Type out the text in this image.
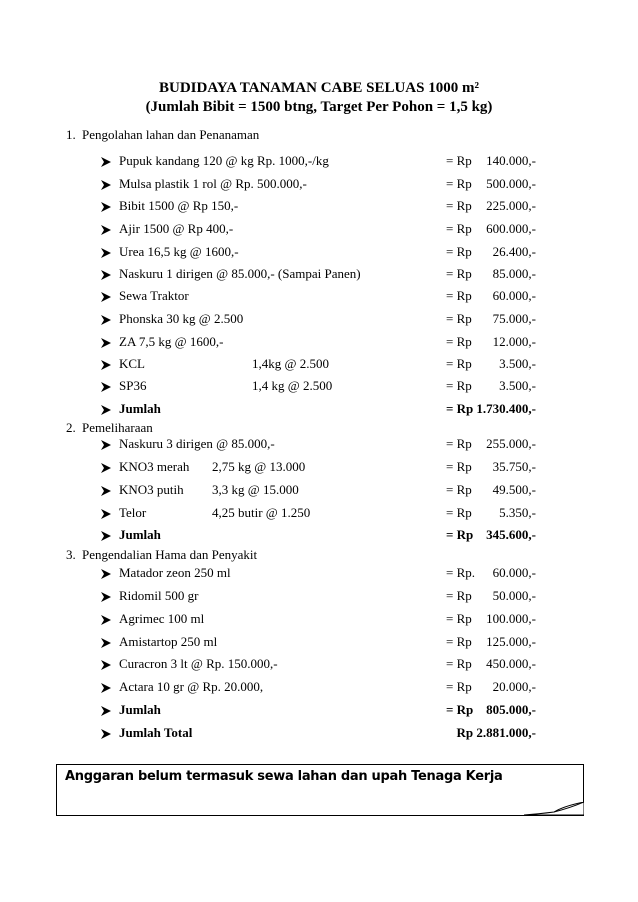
BUDIDAYA TANAMAN CABE SELUAS 1000 m²
(Jumlah Bibit = 1500 btng, Target Per Pohon = 1,5 kg)
1. Pengolahan lahan dan Penanaman
Pupuk kandang 120 @ kg Rp. 1000,-/kg	= Rp 140.000,-
Mulsa plastik 1 rol @ Rp. 500.000,-	= Rp 500.000,-
Bibit 1500 @ Rp 150,-	= Rp 225.000,-
Ajir 1500 @ Rp 400,-	= Rp 600.000,-
Urea 16,5 kg @ 1600,-	= Rp 26.400,-
Naskuru 1 dirigen @ 85.000,- (Sampai Panen)	= Rp 85.000,-
Sewa Traktor	= Rp 60.000,-
Phonska 30 kg @ 2.500	= Rp 75.000,-
ZA 7,5 kg @ 1600,-	= Rp 12.000,-
KCL	1,4kg @ 2.500	= Rp 3.500,-
SP36	1,4 kg @ 2.500	= Rp 3.500,-
Jumlah	= Rp 1.730.400,-
2. Pemeliharaan
Naskuru 3 dirigen @ 85.000,-	= Rp 255.000,-
KNO3 merah 2,75 kg @ 13.000	= Rp 35.750,-
KNO3 putih 3,3 kg @ 15.000	= Rp 49.500,-
Telor	4,25 butir @ 1.250	= Rp 5.350,-
Jumlah	= Rp 345.600,-
3. Pengendalian Hama dan Penyakit
Matador zeon 250 ml	= Rp. 60.000,-
Ridomil 500 gr	= Rp 50.000,-
Agrimec 100 ml	= Rp 100.000,-
Amistartop 250 ml	= Rp 125.000,-
Curacron 3 lt @ Rp. 150.000,-	= Rp 450.000,-
Actara 10 gr @ Rp. 20.000,	= Rp 20.000,-
Jumlah	= Rp 805.000,-
Jumlah Total	Rp 2.881.000,-
Anggaran belum termasuk sewa lahan dan upah Tenaga Kerja
